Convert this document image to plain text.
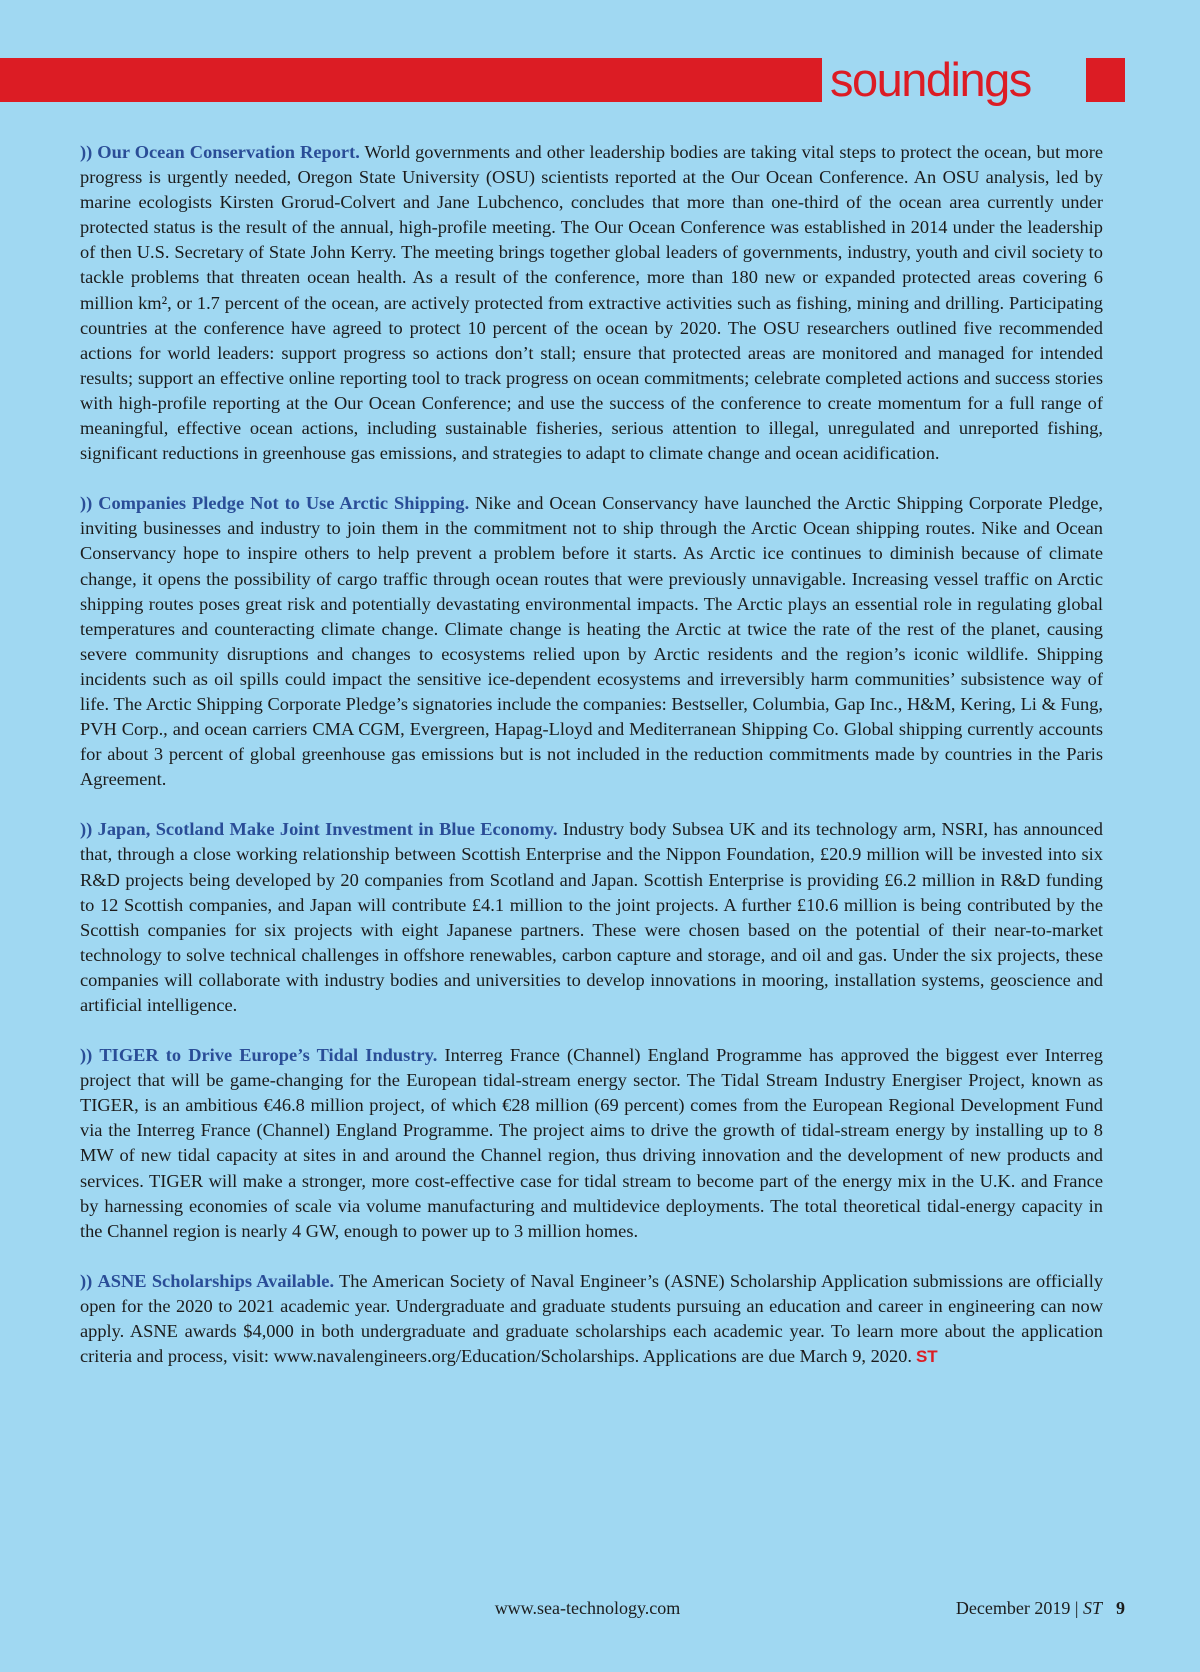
soundings

)) Our Ocean Conservation Report. World governments and other leadership bodies are taking vital steps to protect the ocean, but more progress is urgently needed, Oregon State University (OSU) scientists reported at the Our Ocean Conference. An OSU analysis, led by marine ecologists Kirsten Grorud-Colvert and Jane Lubchenco, concludes that more than one-third of the ocean area currently under protected status is the result of the annual, high-profile meeting. The Our Ocean Conference was established in 2014 under the leadership of then U.S. Secretary of State John Kerry. The meeting brings together global leaders of governments, industry, youth and civil society to tackle problems that threaten ocean health. As a result of the conference, more than 180 new or expanded protected areas covering 6 million km², or 1.7 percent of the ocean, are actively protected from extractive activities such as fishing, mining and drilling. Participating countries at the conference have agreed to protect 10 percent of the ocean by 2020. The OSU researchers outlined five recommended actions for world leaders: support progress so actions don’t stall; ensure that protected areas are monitored and managed for intended results; support an effective online reporting tool to track progress on ocean commitments; celebrate completed actions and success stories with high-profile reporting at the Our Ocean Conference; and use the success of the conference to create momentum for a full range of meaningful, effective ocean actions, including sustainable fisheries, serious attention to illegal, unregulated and unreported fishing, significant reductions in greenhouse gas emissions, and strategies to adapt to climate change and ocean acidification.

)) Companies Pledge Not to Use Arctic Shipping. Nike and Ocean Conservancy have launched the Arctic Shipping Corporate Pledge, inviting businesses and industry to join them in the commitment not to ship through the Arctic Ocean shipping routes. Nike and Ocean Conservancy hope to inspire others to help prevent a problem before it starts. As Arctic ice continues to diminish because of climate change, it opens the possibility of cargo traffic through ocean routes that were previously unnavigable. Increasing vessel traffic on Arctic shipping routes poses great risk and potentially devastating environmental impacts. The Arctic plays an essential role in regulating global temperatures and counteracting climate change. Climate change is heating the Arctic at twice the rate of the rest of the planet, causing severe community disruptions and changes to ecosystems relied upon by Arctic residents and the region’s iconic wildlife. Shipping incidents such as oil spills could impact the sensitive ice-dependent ecosystems and irreversibly harm communities’ subsistence way of life. The Arctic Shipping Corporate Pledge’s signatories include the companies: Bestseller, Columbia, Gap Inc., H&M, Kering, Li & Fung, PVH Corp., and ocean carriers CMA CGM, Evergreen, Hapag-Lloyd and Mediterranean Shipping Co. Global shipping currently accounts for about 3 percent of global greenhouse gas emissions but is not included in the reduction commitments made by countries in the Paris Agreement.

)) Japan, Scotland Make Joint Investment in Blue Economy. Industry body Subsea UK and its technology arm, NSRI, has announced that, through a close working relationship between Scottish Enterprise and the Nippon Foundation, £20.9 million will be invested into six R&D projects being developed by 20 companies from Scotland and Japan. Scottish Enterprise is providing £6.2 million in R&D funding to 12 Scottish companies, and Japan will contribute £4.1 million to the joint projects. A further £10.6 million is being contributed by the Scottish companies for six projects with eight Japanese partners. These were chosen based on the potential of their near-to-market technology to solve technical challenges in offshore renewables, carbon capture and storage, and oil and gas. Under the six projects, these companies will collaborate with industry bodies and universities to develop innovations in mooring, installation systems, geoscience and artificial intelligence.

)) TIGER to Drive Europe’s Tidal Industry. Interreg France (Channel) England Programme has approved the biggest ever Interreg project that will be game-changing for the European tidal-stream energy sector. The Tidal Stream Industry Energiser Project, known as TIGER, is an ambitious €46.8 million project, of which €28 million (69 percent) comes from the European Regional Development Fund via the Interreg France (Channel) England Programme. The project aims to drive the growth of tidal-stream energy by installing up to 8 MW of new tidal capacity at sites in and around the Channel region, thus driving innovation and the development of new products and services. TIGER will make a stronger, more cost-effective case for tidal stream to become part of the energy mix in the U.K. and France by harnessing economies of scale via volume manufacturing and multidevice deployments. The total theoretical tidal-energy capacity in the Channel region is nearly 4 GW, enough to power up to 3 million homes.

)) ASNE Scholarships Available. The American Society of Naval Engineer’s (ASNE) Scholarship Application submissions are officially open for the 2020 to 2021 academic year. Undergraduate and graduate students pursuing an education and career in engineering can now apply. ASNE awards $4,000 in both undergraduate and graduate scholarships each academic year. To learn more about the application criteria and process, visit: www.navalengineers.org/Education/Scholarships. Applications are due March 9, 2020. ST

www.sea-technology.com	December 2019 | ST 9
